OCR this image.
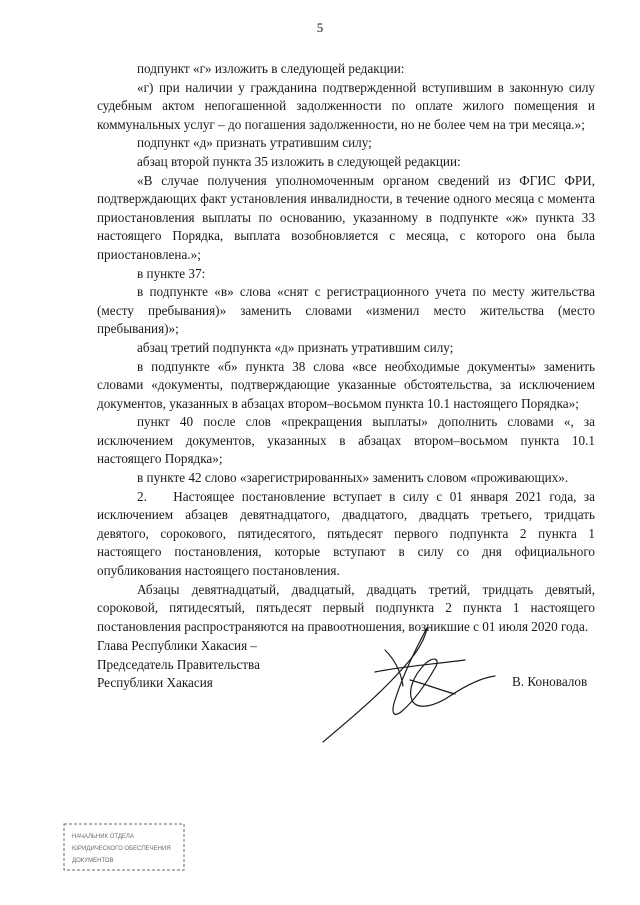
5

подпункт «г» изложить в следующей редакции:

«г) при наличии у гражданина подтвержденной вступившим в законную силу судебным актом непогашенной задолженности по оплате жилого помещения и коммунальных услуг – до погашения задолженности, но не более чем на три месяца.»;

подпункт «д» признать утратившим силу;

абзац второй пункта 35 изложить в следующей редакции:

«В случае получения уполномоченным органом сведений из ФГИС ФРИ, подтверждающих факт установления инвалидности, в течение одного месяца с момента приостановления выплаты по основанию, указанному в подпункте «ж» пункта 33 настоящего Порядка, выплата возобновляется с месяца, с которого она была приостановлена.»;

в пункте 37:

в подпункте «в» слова «снят с регистрационного учета по месту жительства (месту пребывания)» заменить словами «изменил место жительства (место пребывания)»;

абзац третий подпункта «д» признать утратившим силу;

в подпункте «б» пункта 38 слова «все необходимые документы» заменить словами «документы, подтверждающие указанные обстоятельства, за исключением документов, указанных в абзацах втором–восьмом пункта 10.1 настоящего Порядка»;

пункт 40 после слов «прекращения выплаты» дополнить словами «, за исключением документов, указанных в абзацах втором–восьмом пункта 10.1 настоящего Порядка»;

в пункте 42 слово «зарегистрированных» заменить словом «проживающих».

2.  Настоящее постановление вступает в силу с 01 января 2021 года, за исключением абзацев девятнадцатого, двадцатого, двадцать третьего, тридцать девятого, сорокового, пятидесятого, пятьдесят первого подпункта 2 пункта 1 настоящего постановления, которые вступают в силу со дня официального опубликования настоящего постановления.

Абзацы девятнадцатый, двадцатый, двадцать третий, тридцать девятый, сороковой, пятидесятый, пятьдесят первый подпункта 2 пункта 1 настоящего постановления распространяются на правоотношения, возникшие с 01 июля 2020 года.

Глава Республики Хакасия –
Председатель Правительства
Республики Хакасия	В. Коновалов
НАЧАЛЬНИК ОТДЕЛА
ЮРИДИЧЕСКОГО ОБЕСПЕЧЕНИЯ
ДОКУМЕНТОВ
